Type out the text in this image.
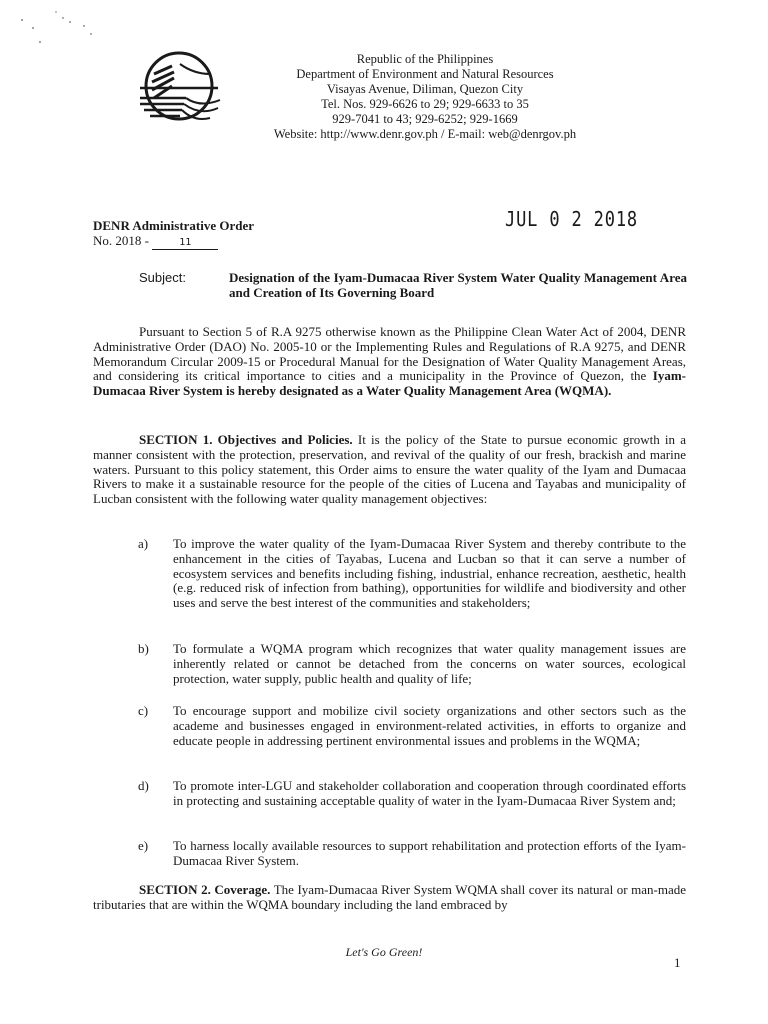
Republic of the Philippines
Department of Environment and Natural Resources
Visayas Avenue, Diliman, Quezon City
Tel. Nos. 929-6626 to 29; 929-6633 to 35
929-7041 to 43; 929-6252; 929-1669
Website: http://www.denr.gov.ph / E-mail: web@denrgov.ph
DENR Administrative Order
No. 2018 -	11
JUL 0 2 2018
Subject:	Designation of the Iyam-Dumacaa River System Water Quality Management Area and Creation of Its Governing Board
Pursuant to Section 5 of R.A 9275 otherwise known as the Philippine Clean Water Act of 2004, DENR Administrative Order (DAO) No. 2005-10 or the Implementing Rules and Regulations of R.A 9275, and DENR Memorandum Circular 2009-15 or Procedural Manual for the Designation of Water Quality Management Areas, and considering its critical importance to cities and a municipality in the Province of Quezon, the Iyam-Dumacaa River System is hereby designated as a Water Quality Management Area (WQMA).
SECTION 1. Objectives and Policies. It is the policy of the State to pursue economic growth in a manner consistent with the protection, preservation, and revival of the quality of our fresh, brackish and marine waters. Pursuant to this policy statement, this Order aims to ensure the water quality of the Iyam and Dumacaa Rivers to make it a sustainable resource for the people of the cities of Lucena and Tayabas and municipality of Lucban consistent with the following water quality management objectives:
a) To improve the water quality of the Iyam-Dumacaa River System and thereby contribute to the enhancement in the cities of Tayabas, Lucena and Lucban so that it can serve a number of ecosystem services and benefits including fishing, industrial, enhance recreation, aesthetic, health (e.g. reduced risk of infection from bathing), opportunities for wildlife and biodiversity and other uses and serve the best interest of the communities and stakeholders;
b) To formulate a WQMA program which recognizes that water quality management issues are inherently related or cannot be detached from the concerns on water sources, ecological protection, water supply, public health and quality of life;
c) To encourage support and mobilize civil society organizations and other sectors such as the academe and businesses engaged in environment-related activities, in efforts to organize and educate people in addressing pertinent environmental issues and problems in the WQMA;
d) To promote inter-LGU and stakeholder collaboration and cooperation through coordinated efforts in protecting and sustaining acceptable quality of water in the Iyam-Dumacaa River System and;
e) To harness locally available resources to support rehabilitation and protection efforts of the Iyam-Dumacaa River System.
SECTION 2. Coverage. The Iyam-Dumacaa River System WQMA shall cover its natural or man-made tributaries that are within the WQMA boundary including the land embraced by
Let's Go Green!
1
